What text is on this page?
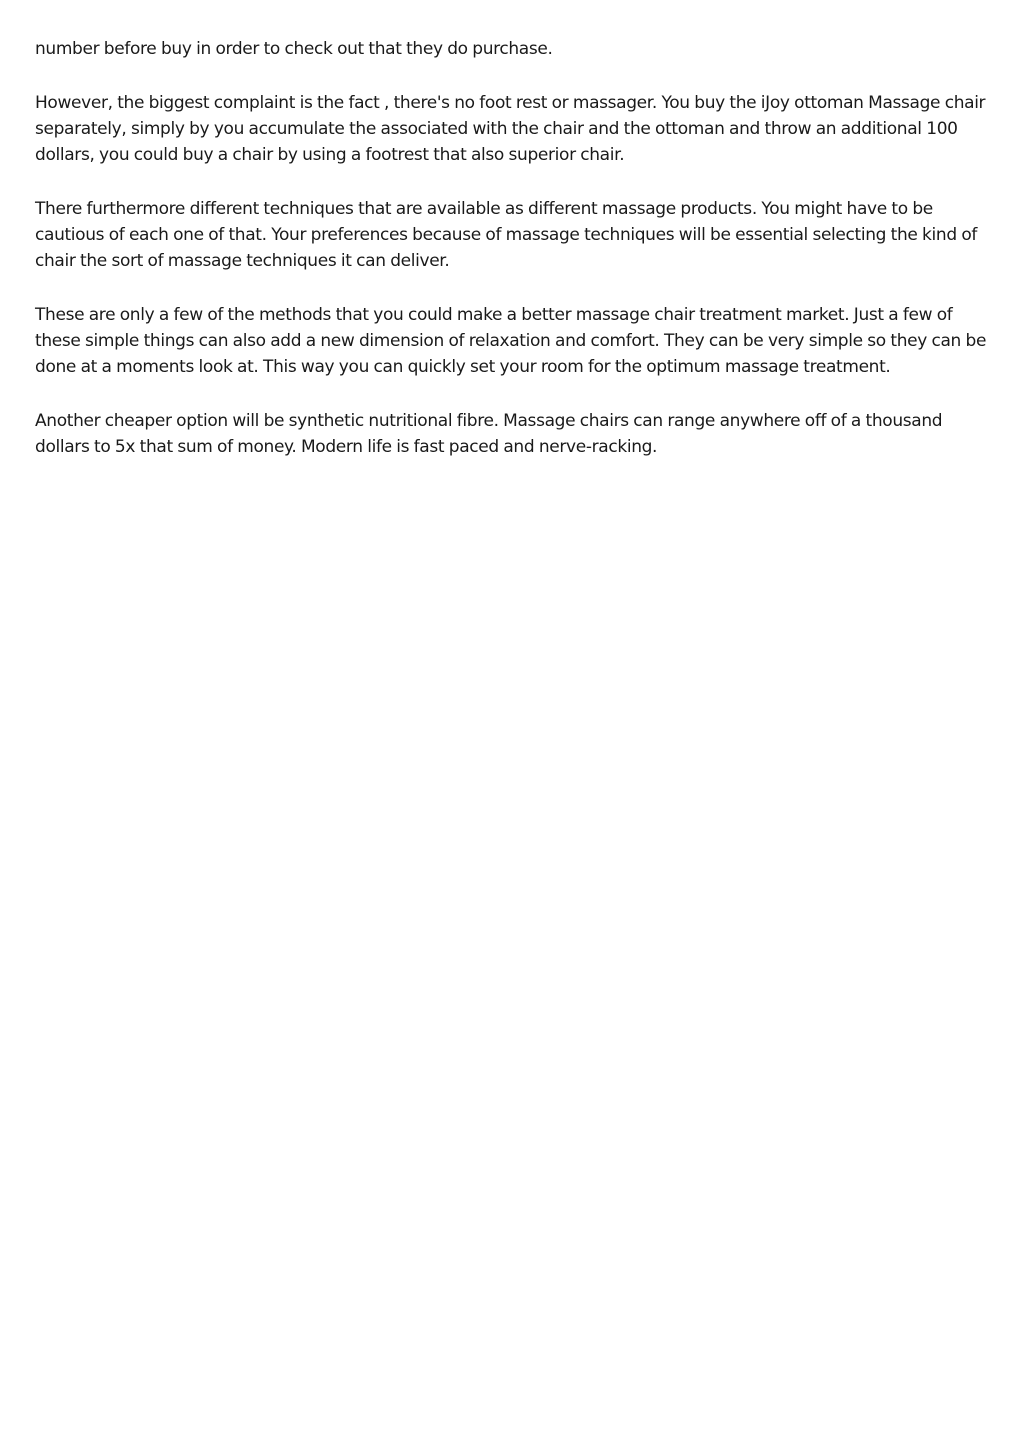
number before buy in order to check out that they do purchase.

However, the biggest complaint is the fact , there's no foot rest or massager. You buy the iJoy ottoman Massage chair separately, simply by you accumulate the associated with the chair and the ottoman and throw an additional 100 dollars, you could buy a chair by using a footrest that also superior chair.

There furthermore different techniques that are available as different massage products. You might have to be cautious of each one of that. Your preferences because of massage techniques will be essential selecting the kind of chair the sort of massage techniques it can deliver.

These are only a few of the methods that you could make a better massage chair treatment market. Just a few of these simple things can also add a new dimension of relaxation and comfort. They can be very simple so they can be done at a moments look at. This way you can quickly set your room for the optimum massage treatment.

Another cheaper option will be synthetic nutritional fibre. Massage chairs can range anywhere off of a thousand dollars to 5x that sum of money. Modern life is fast paced and nerve-racking.
